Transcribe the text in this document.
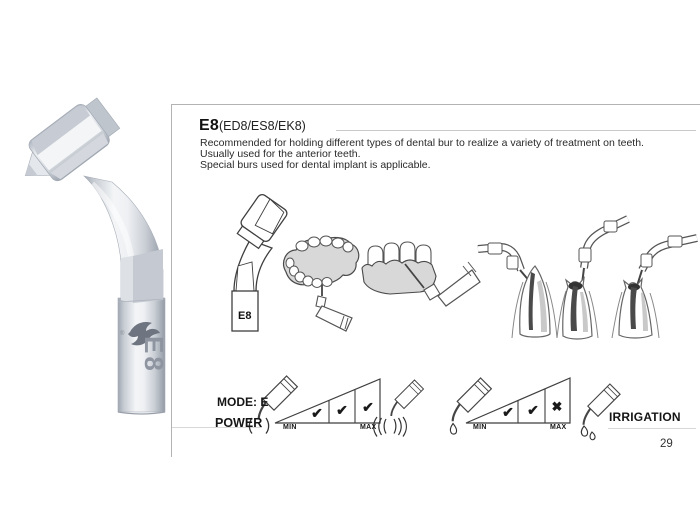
E8 (ED8/ES8/EK8)
Recommended for holding different types of dental bur to realize a variety of treatment on teeth.
Usually used for the anterior teeth.
Special burs used for dental implant is applicable.
E8
E8
®
MODE: E
POWER	MIN	MAX
✔ ✔ ✔
MIN	MAX
✔ ✔ ✖
IRRIGATION
29
